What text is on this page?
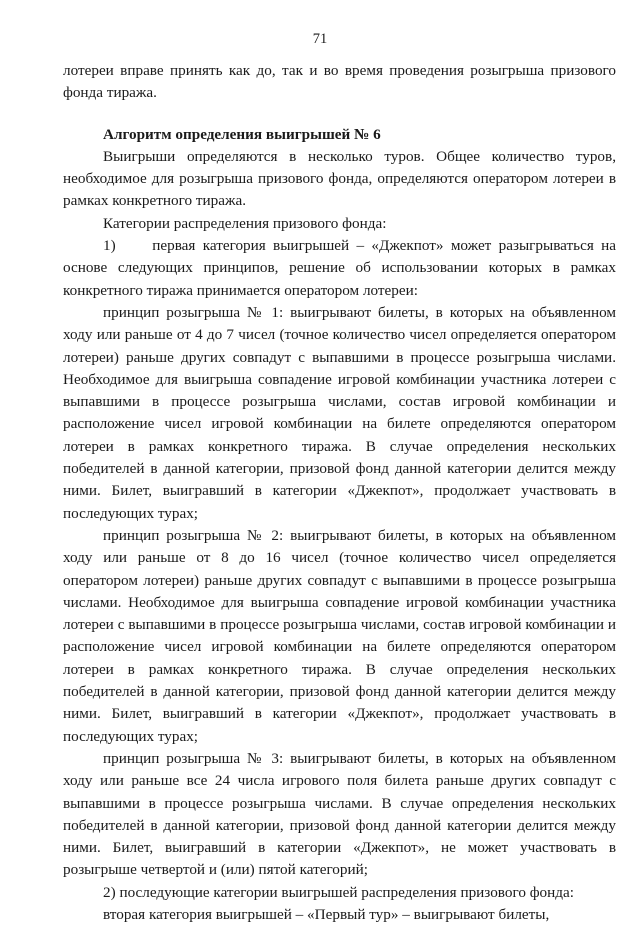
71

лотереи вправе принять как до, так и во время проведения розыгрыша призового фонда тиража.

Алгоритм определения выигрышей № 6

Выигрыши определяются в несколько туров. Общее количество туров, необходимое для розыгрыша призового фонда, определяются оператором лотереи в рамках конкретного тиража.

Категории распределения призового фонда:

1)     первая категория выигрышей – «Джекпот» может разыгрываться на основе следующих принципов, решение об использовании которых в рамках конкретного тиража принимается оператором лотереи:

принцип розыгрыша № 1: выигрывают билеты, в которых на объявленном ходу или раньше от 4 до 7 чисел (точное количество чисел определяется оператором лотереи) раньше других совпадут с выпавшими в процессе розыгрыша числами. Необходимое для выигрыша совпадение игровой комбинации участника лотереи с выпавшими в процессе розыгрыша числами, состав игровой комбинации и расположение чисел игровой комбинации на билете определяются оператором лотереи в рамках конкретного тиража. В случае определения нескольких победителей в данной категории, призовой фонд данной категории делится между ними. Билет, выигравший в категории «Джекпот», продолжает участвовать в последующих турах;

принцип розыгрыша № 2: выигрывают билеты, в которых на объявленном ходу или раньше от 8 до 16 чисел (точное количество чисел определяется оператором лотереи) раньше других совпадут с выпавшими в процессе розыгрыша числами. Необходимое для выигрыша совпадение игровой комбинации участника лотереи с выпавшими в процессе розыгрыша числами, состав игровой комбинации и расположение чисел игровой комбинации на билете определяются оператором лотереи в рамках конкретного тиража. В случае определения нескольких победителей в данной категории, призовой фонд данной категории делится между ними. Билет, выигравший в категории «Джекпот», продолжает участвовать в последующих турах;

принцип розыгрыша № 3: выигрывают билеты, в которых на объявленном ходу или раньше все 24 числа игрового поля билета раньше других совпадут с выпавшими в процессе розыгрыша числами. В случае определения нескольких победителей в данной категории, призовой фонд данной категории делится между ними. Билет, выигравший в категории «Джекпот», не может участвовать в розыгрыше четвертой и (или) пятой категорий;

2) последующие категории выигрышей распределения призового фонда:

вторая категория выигрышей – «Первый тур» – выигрывают билеты,
